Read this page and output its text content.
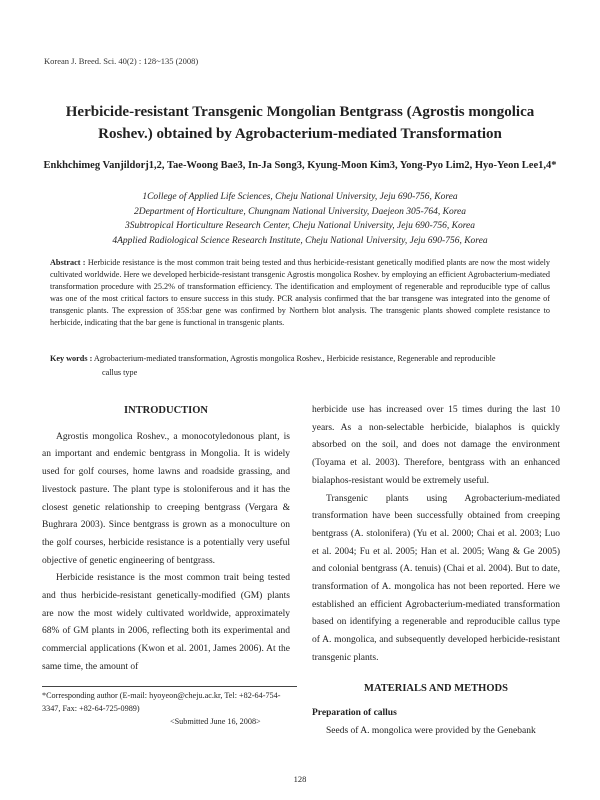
Korean J. Breed. Sci. 40(2) : 128~135 (2008)
Herbicide-resistant Transgenic Mongolian Bentgrass (Agrostis mongolica
Roshev.) obtained by Agrobacterium-mediated Transformation
Enkhchimeg Vanjildorj1,2, Tae-Woong Bae3, In-Ja Song3, Kyung-Moon Kim3, Yong-Pyo Lim2, Hyo-Yeon Lee1,4*
1College of Applied Life Sciences, Cheju National University, Jeju 690-756, Korea
2Department of Horticulture, Chungnam National University, Daejeon 305-764, Korea
3Subtropical Horticulture Research Center, Cheju National University, Jeju 690-756, Korea
4Applied Radiological Science Research Institute, Cheju National University, Jeju 690-756, Korea
Abstract : Herbicide resistance is the most common trait being tested and thus herbicide-resistant genetically modified plants are now the most widely cultivated worldwide. Here we developed herbicide-resistant transgenic Agrostis mongolica Roshev. by employing an efficient Agrobacterium-mediated transformation procedure with 25.2% of transformation efficiency. The identification and employment of regenerable and reproducible type of callus was one of the most critical factors to ensure success in this study. PCR analysis confirmed that the bar transgene was integrated into the genome of transgenic plants. The expression of 35S:bar gene was confirmed by Northern blot analysis. The transgenic plants showed complete resistance to herbicide, indicating that the bar gene is functional in transgenic plants.
Key words : Agrobacterium-mediated transformation, Agrostis mongolica Roshev., Herbicide resistance, Regenerable and reproducible
callus type
INTRODUCTION

Agrostis mongolica Roshev., a monocotyledonous plant, is an important and endemic bentgrass in Mongolia. It is widely used for golf courses, home lawns and roadside grassing, and livestock pasture. The plant type is stoloniferous and it has the closest genetic relationship to creeping bentgrass (Vergara & Bughrara 2003). Since bentgrass is grown as a monoculture on the golf courses, herbicide resistance is a potentially very useful objective of genetic engineering of bentgrass.

Herbicide resistance is the most common trait being tested and thus herbicide-resistant genetically-modified (GM) plants are now the most widely cultivated worldwide, approximately 68% of GM plants in 2006, reflecting both its experimental and commercial applications (Kwon et al. 2001, James 2006). At the same time, the amount of

herbicide use has increased over 15 times during the last 10 years. As a non-selectable herbicide, bialaphos is quickly absorbed on the soil, and does not damage the environment (Toyama et al. 2003). Therefore, bentgrass with an enhanced bialaphos-resistant would be extremely useful.

Transgenic plants using Agrobacterium-mediated transformation have been successfully obtained from creeping bentgrass (A. stolonifera) (Yu et al. 2000; Chai et al. 2003; Luo et al. 2004; Fu et al. 2005; Han et al. 2005; Wang & Ge 2005) and colonial bentgrass (A. tenuis) (Chai et al. 2004). But to date, transformation of A. mongolica has not been reported. Here we established an efficient Agrobacterium-mediated transformation based on identifying a regenerable and reproducible callus type of A. mongolica, and subsequently developed herbicide-resistant transgenic plants.

MATERIALS AND METHODS
Preparation of callus

Seeds of A. mongolica were provided by the Genebank

*Corresponding author (E-mail: hyoyeon@cheju.ac.kr, Tel: +82-64-754-3347, Fax: +82-64-725-0989)
<Submitted June 16, 2008>
128
